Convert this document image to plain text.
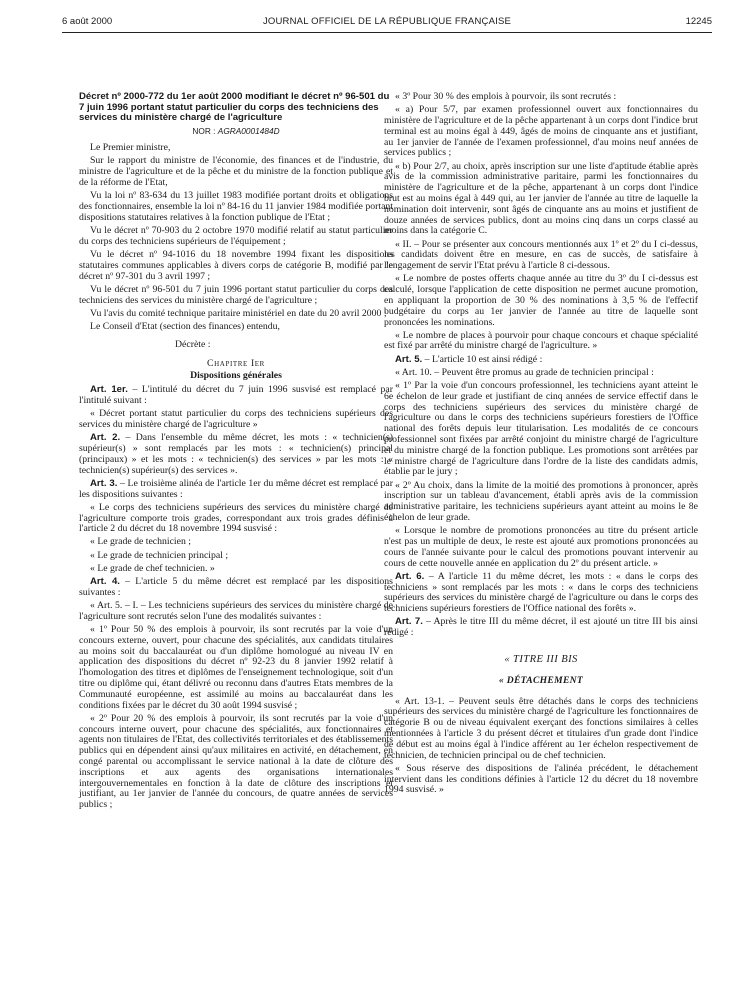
6 août 2000	JOURNAL OFFICIEL DE LA RÉPUBLIQUE FRANÇAISE	12245
Décret nº 2000-772 du 1er août 2000 modifiant le décret nº 96-501 du 7 juin 1996 portant statut particulier du corps des techniciens des services du ministère chargé de l'agriculture
NOR : AGRA0001484D

Le Premier ministre,

Sur le rapport du ministre de l'économie, des finances et de l'industrie, du ministre de l'agriculture et de la pêche et du ministre de la fonction publique et de la réforme de l'Etat,

Vu la loi nº 83-634 du 13 juillet 1983 modifiée portant droits et obligations des fonctionnaires, ensemble la loi nº 84-16 du 11 janvier 1984 modifiée portant dispositions statutaires relatives à la fonction publique de l'Etat ;

Vu le décret nº 70-903 du 2 octobre 1970 modifié relatif au statut particulier du corps des techniciens supérieurs de l'équipement ;

Vu le décret nº 94-1016 du 18 novembre 1994 fixant les dispositions statutaires communes applicables à divers corps de catégorie B, modifié par le décret nº 97-301 du 3 avril 1997 ;

Vu le décret nº 96-501 du 7 juin 1996 portant statut particulier du corps des techniciens des services du ministère chargé de l'agriculture ;

Vu l'avis du comité technique paritaire ministériel en date du 20 avril 2000 ;

Le Conseil d'Etat (section des finances) entendu,

Décrète :
Chapitre Ier
Dispositions générales

Art. 1er. – L'intitulé du décret du 7 juin 1996 susvisé est remplacé par l'intitulé suivant :

« Décret portant statut particulier du corps des techniciens supérieurs des services du ministère chargé de l'agriculture »

Art. 2. – Dans l'ensemble du même décret, les mots : « technicien(s) supérieur(s) » sont remplacés par les mots : « technicien(s) principal (principaux) » et les mots : « technicien(s) des services » par les mots : « technicien(s) supérieur(s) des services ».

Art. 3. – Le troisième alinéa de l'article 1er du même décret est remplacé par les dispositions suivantes :

« Le corps des techniciens supérieurs des services du ministère chargé de l'agriculture comporte trois grades, correspondant aux trois grades définis à l'article 2 du décret du 18 novembre 1994 susvisé :

« Le grade de technicien ;

« Le grade de technicien principal ;

« Le grade de chef technicien. »

Art. 4. – L'article 5 du même décret est remplacé par les dispositions suivantes :

« Art. 5. – I. – Les techniciens supérieurs des services du ministère chargé de l'agriculture sont recrutés selon l'une des modalités suivantes :

« 1º Pour 50 % des emplois à pourvoir, ils sont recrutés par la voie d'un concours externe, ouvert, pour chacune des spécialités, aux candidats titulaires au moins soit du baccalauréat ou d'un diplôme homologué au niveau IV en application des dispositions du décret nº 92-23 du 8 janvier 1992 relatif à l'homologation des titres et diplômes de l'enseignement technologique, soit d'un titre ou diplôme qui, étant délivré ou reconnu dans d'autres Etats membres de la Communauté européenne, est assimilé au moins au baccalauréat dans les conditions fixées par le décret du 30 août 1994 susvisé ;

« 2º Pour 20 % des emplois à pourvoir, ils sont recrutés par la voie d'un concours interne ouvert, pour chacune des spécialités, aux fonctionnaires et agents non titulaires de l'Etat, des collectivités territoriales et des établissements publics qui en dépendent ainsi qu'aux militaires en activité, en détachement, en congé parental ou accomplissant le service national à la date de clôture des inscriptions et aux agents des organisations internationales intergouvernementales en fonction à la date de clôture des inscriptions et justifiant, au 1er janvier de l'année du concours, de quatre années de services publics ;

« 3º Pour 30 % des emplois à pourvoir, ils sont recrutés :

« a) Pour 5/7, par examen professionnel ouvert aux fonctionnaires du ministère de l'agriculture et de la pêche appartenant à un corps dont l'indice brut terminal est au moins égal à 449, âgés de moins de cinquante ans et justifiant, au 1er janvier de l'année de l'examen professionnel, d'au moins neuf années de services publics ;

« b) Pour 2/7, au choix, après inscription sur une liste d'aptitude établie après avis de la commission administrative paritaire, parmi les fonctionnaires du ministère de l'agriculture et de la pêche, appartenant à un corps dont l'indice brut est au moins égal à 449 qui, au 1er janvier de l'année au titre de laquelle la nomination doit intervenir, sont âgés de cinquante ans au moins et justifient de douze années de services publics, dont au moins cinq dans un corps classé au moins dans la catégorie C.

« II. – Pour se présenter aux concours mentionnés aux 1º et 2º du I ci-dessus, les candidats doivent être en mesure, en cas de succès, de satisfaire à l'engagement de servir l'Etat prévu à l'article 8 ci-dessous.

« Le nombre de postes offerts chaque année au titre du 3º du I ci-dessus est calculé, lorsque l'application de cette disposition ne permet aucune promotion, en appliquant la proportion de 30 % des nominations à 3,5 % de l'effectif budgétaire du corps au 1er janvier de l'année au titre de laquelle sont prononcées les nominations.

« Le nombre de places à pourvoir pour chaque concours et chaque spécialité est fixé par arrêté du ministre chargé de l'agriculture. »

Art. 5. – L'article 10 est ainsi rédigé :

« Art. 10. – Peuvent être promus au grade de technicien principal :

« 1º Par la voie d'un concours professionnel, les techniciens ayant atteint le 6e échelon de leur grade et justifiant de cinq années de service effectif dans le corps des techniciens supérieurs des services du ministère chargé de l'agriculture ou dans le corps des techniciens supérieurs forestiers de l'Office national des forêts depuis leur titularisation. Les modalités de ce concours professionnel sont fixées par arrêté conjoint du ministre chargé de l'agriculture et du ministre chargé de la fonction publique. Les promotions sont arrêtées par le ministre chargé de l'agriculture dans l'ordre de la liste des candidats admis, établie par le jury ;

« 2º Au choix, dans la limite de la moitié des promotions à prononcer, après inscription sur un tableau d'avancement, établi après avis de la commission administrative paritaire, les techniciens supérieurs ayant atteint au moins le 8e échelon de leur grade.

« Lorsque le nombre de promotions prononcées au titre du présent article n'est pas un multiple de deux, le reste est ajouté aux promotions prononcées au cours de l'année suivante pour le calcul des promotions pouvant intervenir au cours de cette nouvelle année en application du 2º du présent article. »

Art. 6. – A l'article 11 du même décret, les mots : « dans le corps des techniciens » sont remplacés par les mots : « dans le corps des techniciens supérieurs des services du ministère chargé de l'agriculture ou dans le corps des techniciens supérieurs forestiers de l'Office national des forêts ».

Art. 7. – Après le titre III du même décret, il est ajouté un titre III bis ainsi rédigé :

« TITRE III BIS
« DÉTACHEMENT

« Art. 13-1. – Peuvent seuls être détachés dans le corps des techniciens supérieurs des services du ministère chargé de l'agriculture les fonctionnaires de catégorie B ou de niveau équivalent exerçant des fonctions similaires à celles mentionnées à l'article 3 du présent décret et titulaires d'un grade dont l'indice de début est au moins égal à l'indice afférent au 1er échelon respectivement de technicien, de technicien principal ou de chef technicien.

« Sous réserve des dispositions de l'alinéa précédent, le détachement intervient dans les conditions définies à l'article 12 du décret du 18 novembre 1994 susvisé. »
